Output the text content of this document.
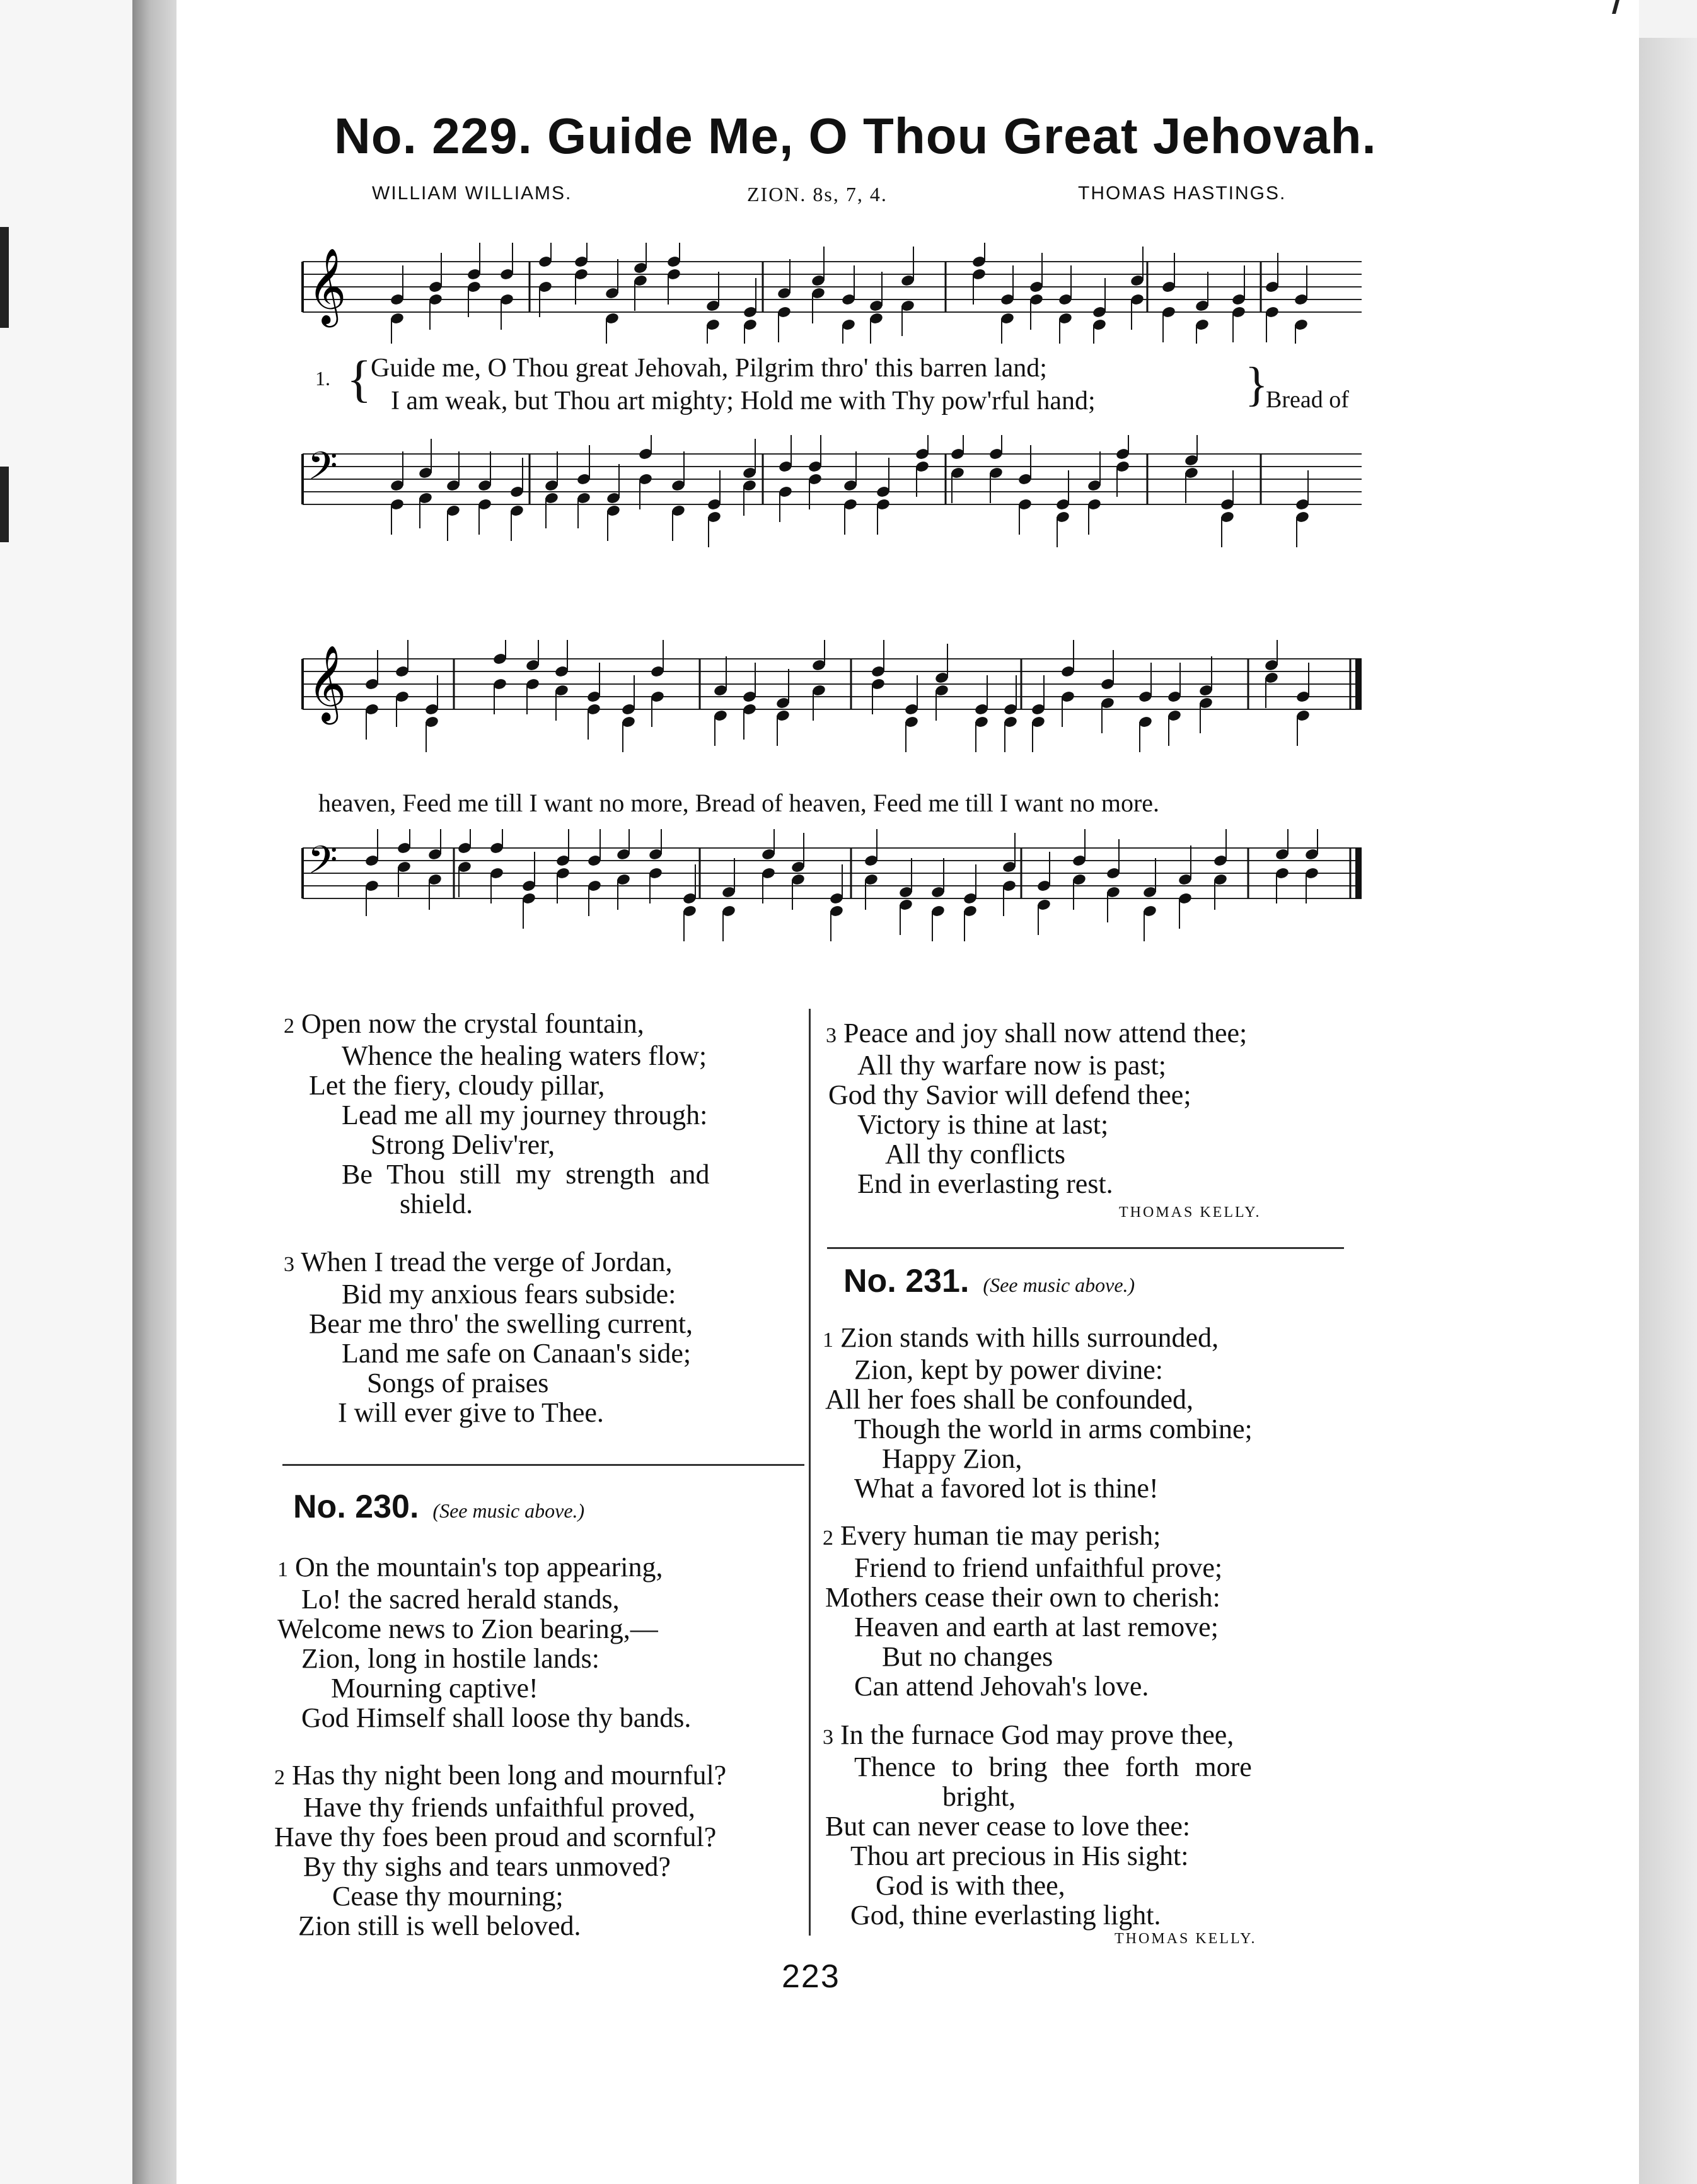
No. 229. Guide Me, O Thou Great Jehovah.
WILLIAM WILLIAMS.	ZION. 8s, 7, 4.	THOMAS HASTINGS.
𝄞
𝄢
𝄞
𝄢
1. {
Guide me, O Thou great Jehovah, Pilgrim thro' this barren land;
I am weak, but Thou art mighty; Hold me with Thy pow'rful hand;	}
Bread of
heaven, Feed me till I want no more, Bread of heaven, Feed me till I want no more.
2 Open now the crystal fountain,
Whence the healing waters flow;
Let the fiery, cloudy pillar,
Lead me all my journey through:
Strong Deliv'rer,
Be Thou still my strength and
shield.
3 When I tread the verge of Jordan,
Bid my anxious fears subside:
Bear me thro' the swelling current,
Land me safe on Canaan's side;
Songs of praises
I will ever give to Thee.
No. 230. (See music above.)
1 On the mountain's top appearing,
Lo! the sacred herald stands,
Welcome news to Zion bearing,—
Zion, long in hostile lands:
Mourning captive!
God Himself shall loose thy bands.
2 Has thy night been long and mournful?
Have thy friends unfaithful proved,
Have thy foes been proud and scornful?
By thy sighs and tears unmoved?
Cease thy mourning;
Zion still is well beloved.
3 Peace and joy shall now attend thee;
All thy warfare now is past;
God thy Savior will defend thee;
Victory is thine at last;
All thy conflicts
End in everlasting rest.
THOMAS KELLY.
No. 231. (See music above.)
1 Zion stands with hills surrounded,
Zion, kept by power divine:
All her foes shall be confounded,
Though the world in arms combine;
Happy Zion,
What a favored lot is thine!
2 Every human tie may perish;
Friend to friend unfaithful prove;
Mothers cease their own to cherish:
Heaven and earth at last remove;
But no changes
Can attend Jehovah's love.
3 In the furnace God may prove thee,
Thence to bring thee forth more
bright,
But can never cease to love thee:
Thou art precious in His sight:
God is with thee,
God, thine everlasting light.
THOMAS KELLY.
223
